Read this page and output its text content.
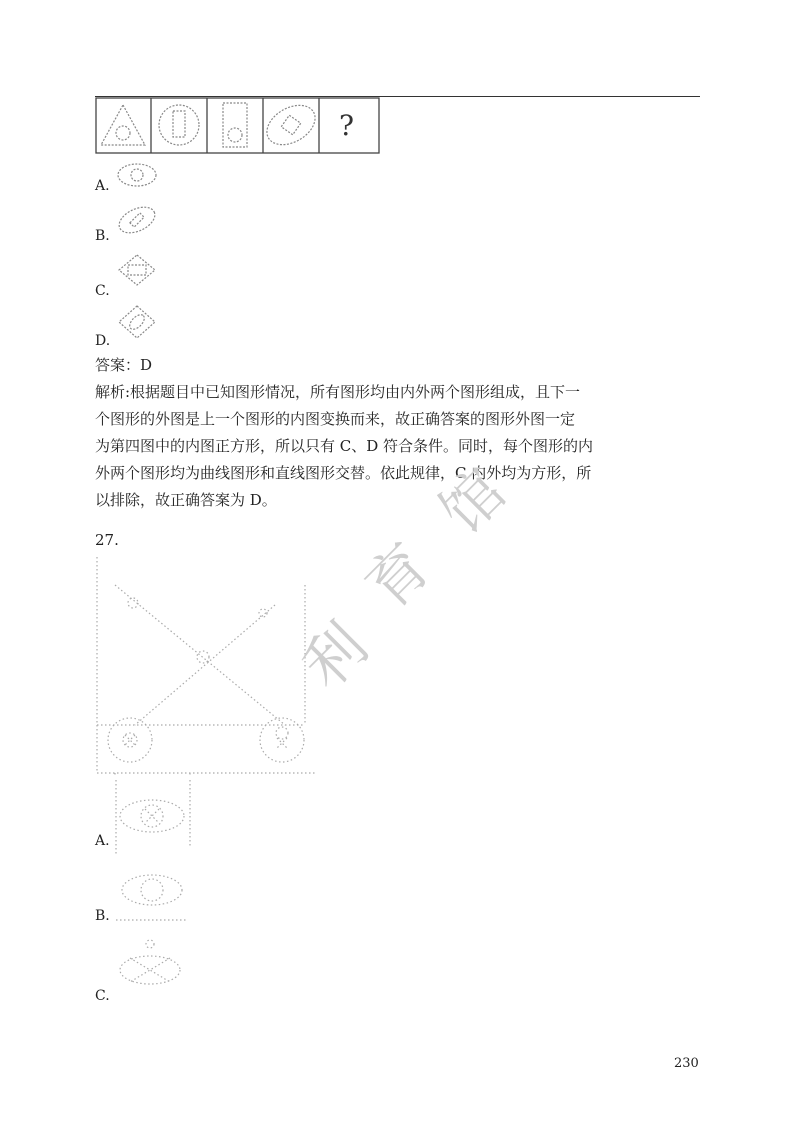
?
A.
B.
C.
D.
答案：D

解析:根据题目中已知图形情况，所有图形均由内外两个图形组成，且下一

个图形的外图是上一个图形的内图变换而来，故正确答案的图形外图一定

为第四图中的内图正方形，所以只有 C、D 符合条件。同时，每个图形的内

外两个图形均为曲线图形和直线图形交替。依此规律，C 内外均为方形，所

以排除，故正确答案为 D。

27.
A.
B.
C.
利
育
馆
230
